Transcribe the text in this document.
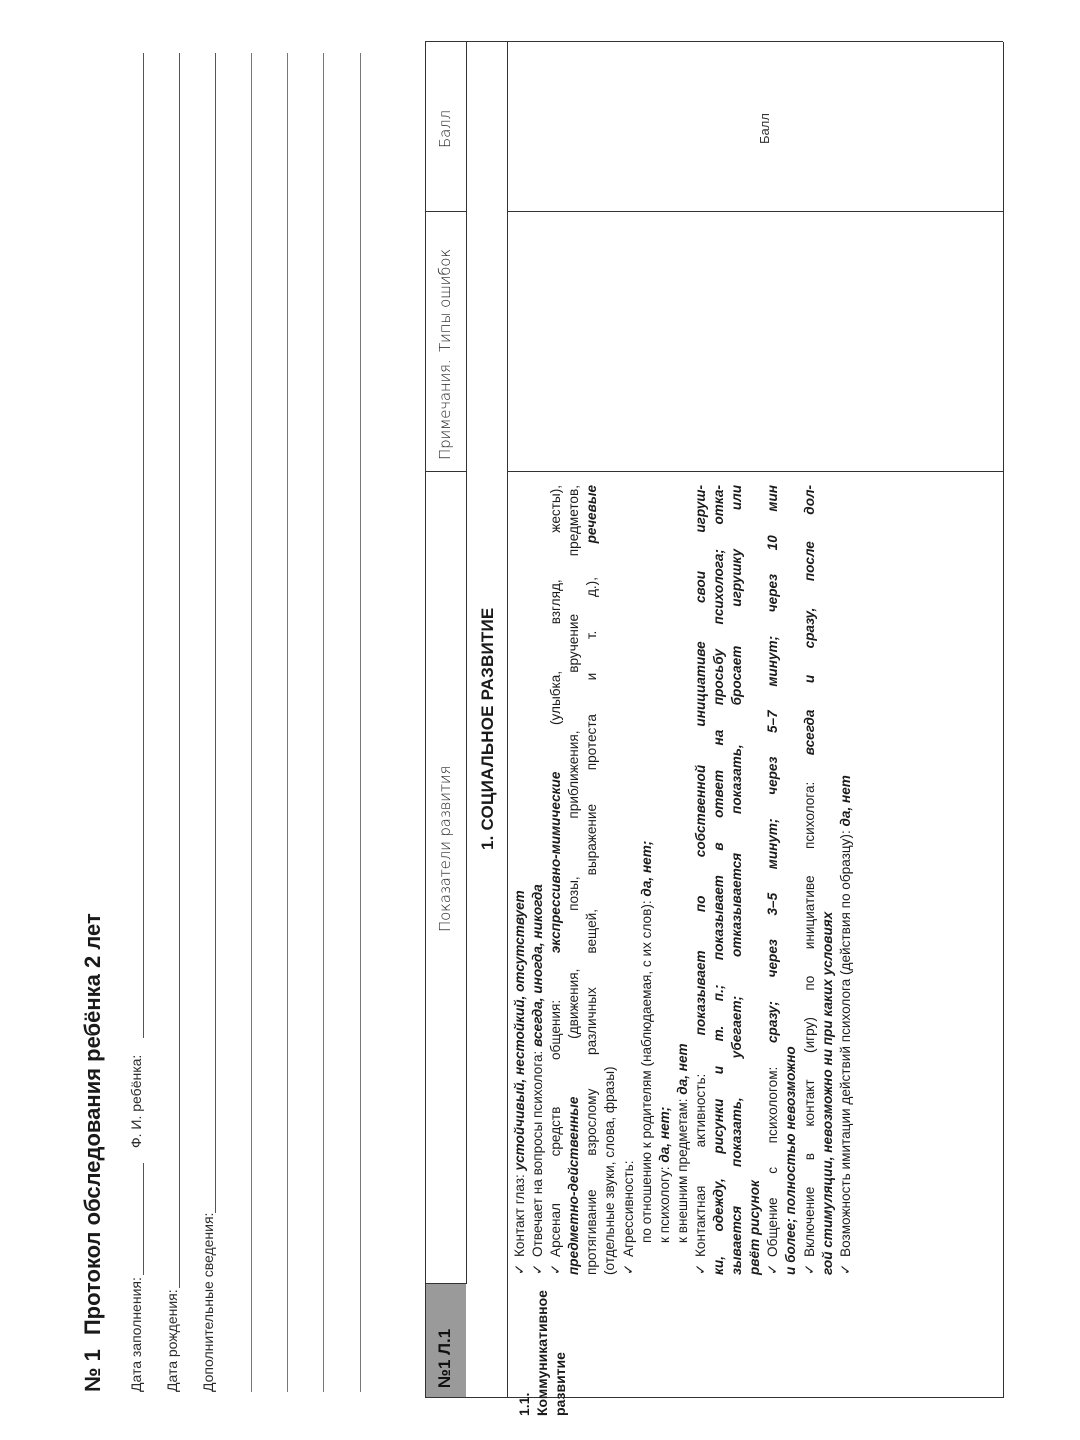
№ 1Протокол обследования ребёнка 2 лет Дата заполнения:
Ф. И. ребёнка:
Дата рождения: Дополнительные сведения:	№1 Л.1
Показатели развития
Примечания.
Типы ошибок
Балл
1. СОЦИАЛЬНОЕ РАЗВИТИЕ
1.1. Коммуникативное развитие
Балл
✓Контакт глаз: устойчивый, нестойкий, отсутствует
✓Отвечает на вопросы психолога: всегда, иногда, никогда
✓Арсенал средств общения: экспрессивно-мимические (улыбка, взгляд, жесты),
предметно-действенные (движения, позы, приближения, вручение предметов, протягивание взрослому различных вещей, выражение протеста и т. д.), речевые
(отдельные звуки, слова, фразы) ✓Агрессивность: по отношению к родителям (наблюдаемая, с их слов): да, нет;
к психологу: да, нет; к внешним предметам: да, нет
✓Контактная активность: показывает по собственной инициативе свои игруш- ки, одежду, рисунки и т. п.; показывает в ответ на просьбу психолога; отка- зывается показать, убегает; отказывается показать, бросает игрушку или рвёт рисунок ✓Общение с психологом: сразу; через 3–5 минут; через 5–7 минут; через 10 мин
и более; полностью невозможно ✓Включение в контакт (игру) по инициативе психолога: всегда и сразу, после дол-
гой стимуляции, невозможно ни при каких условиях ✓Возможность имитации действий психолога (действия по образцу): да, нет
